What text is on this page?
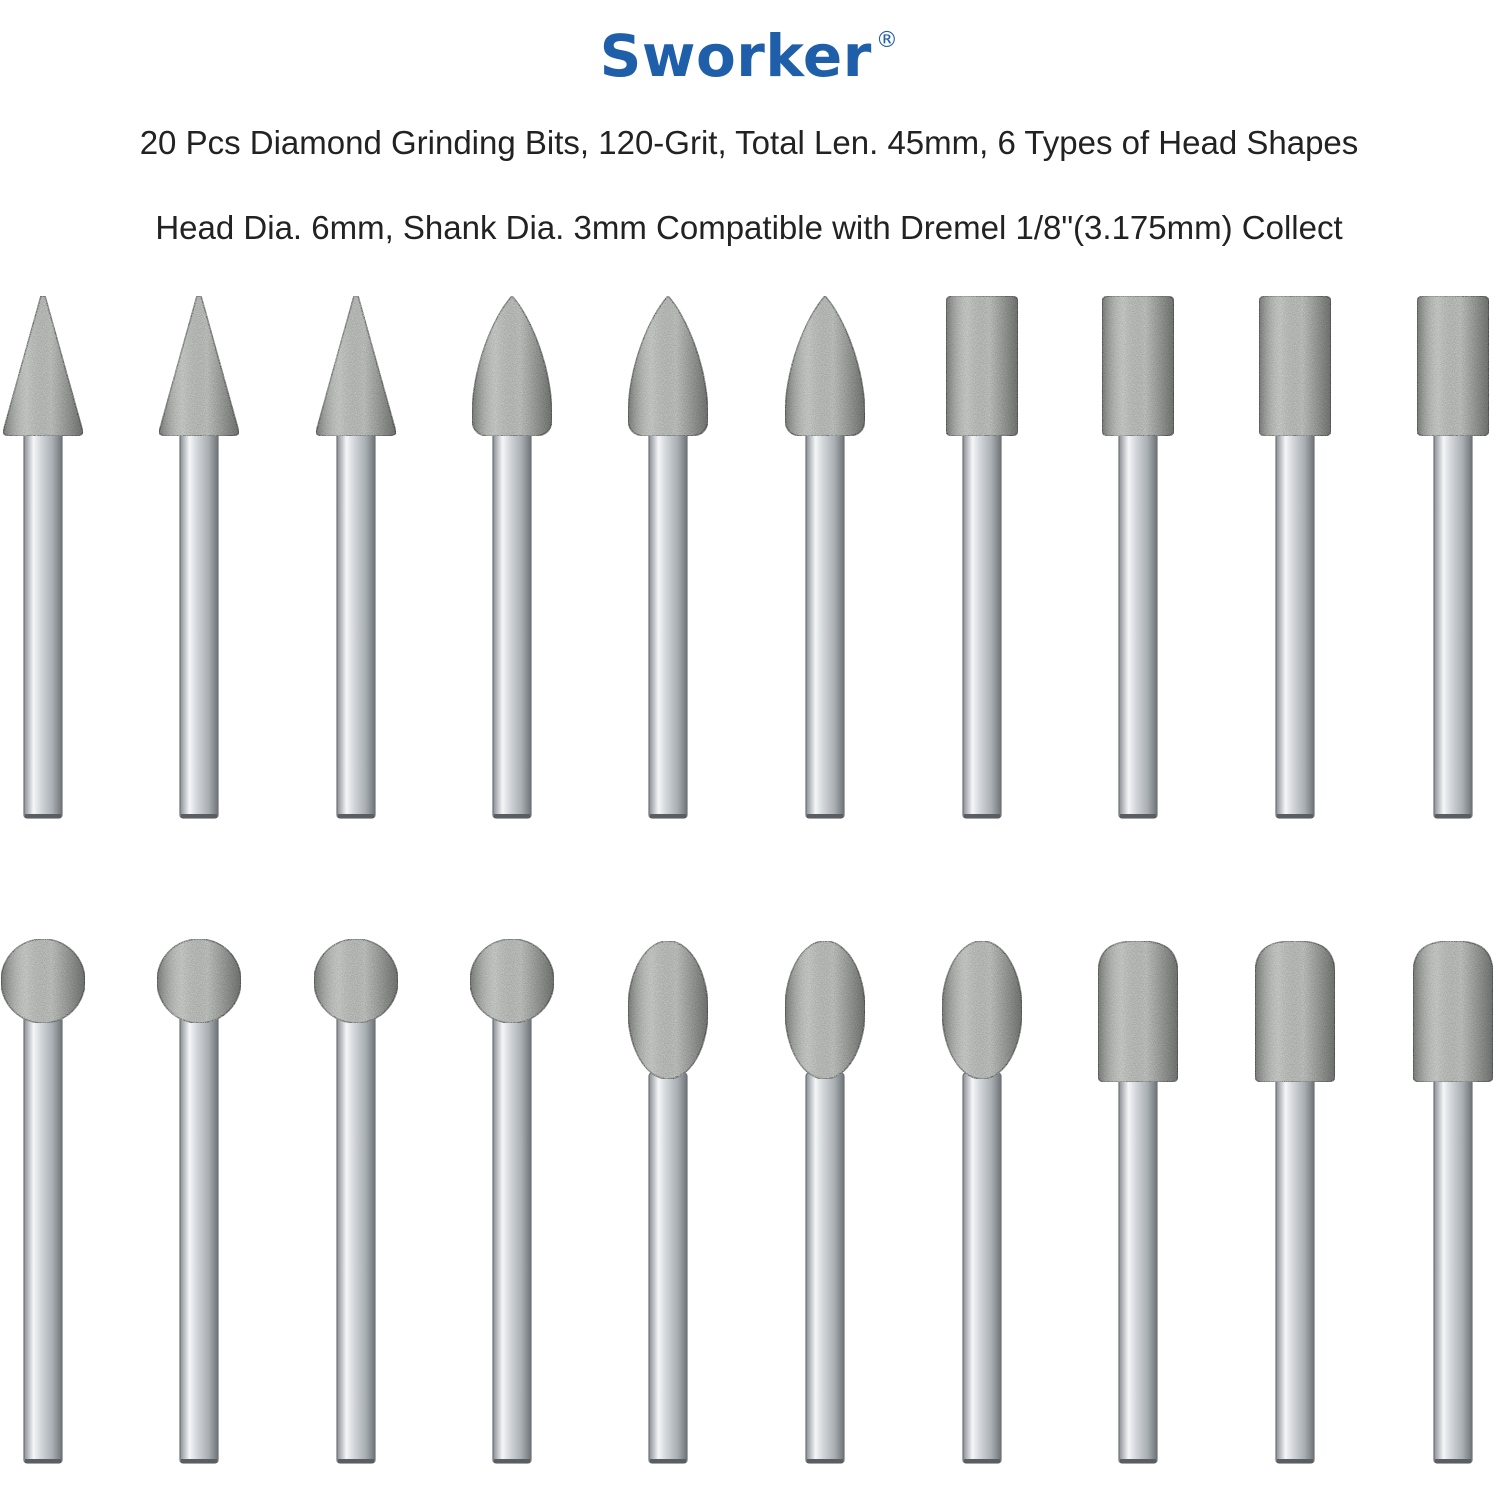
Sworker ®
20 Pcs Diamond Grinding Bits, 120-Grit, Total Len. 45mm, 6 Types of Head Shapes
Head Dia. 6mm, Shank Dia. 3mm Compatible with Dremel 1/8"(3.175mm) Collect
